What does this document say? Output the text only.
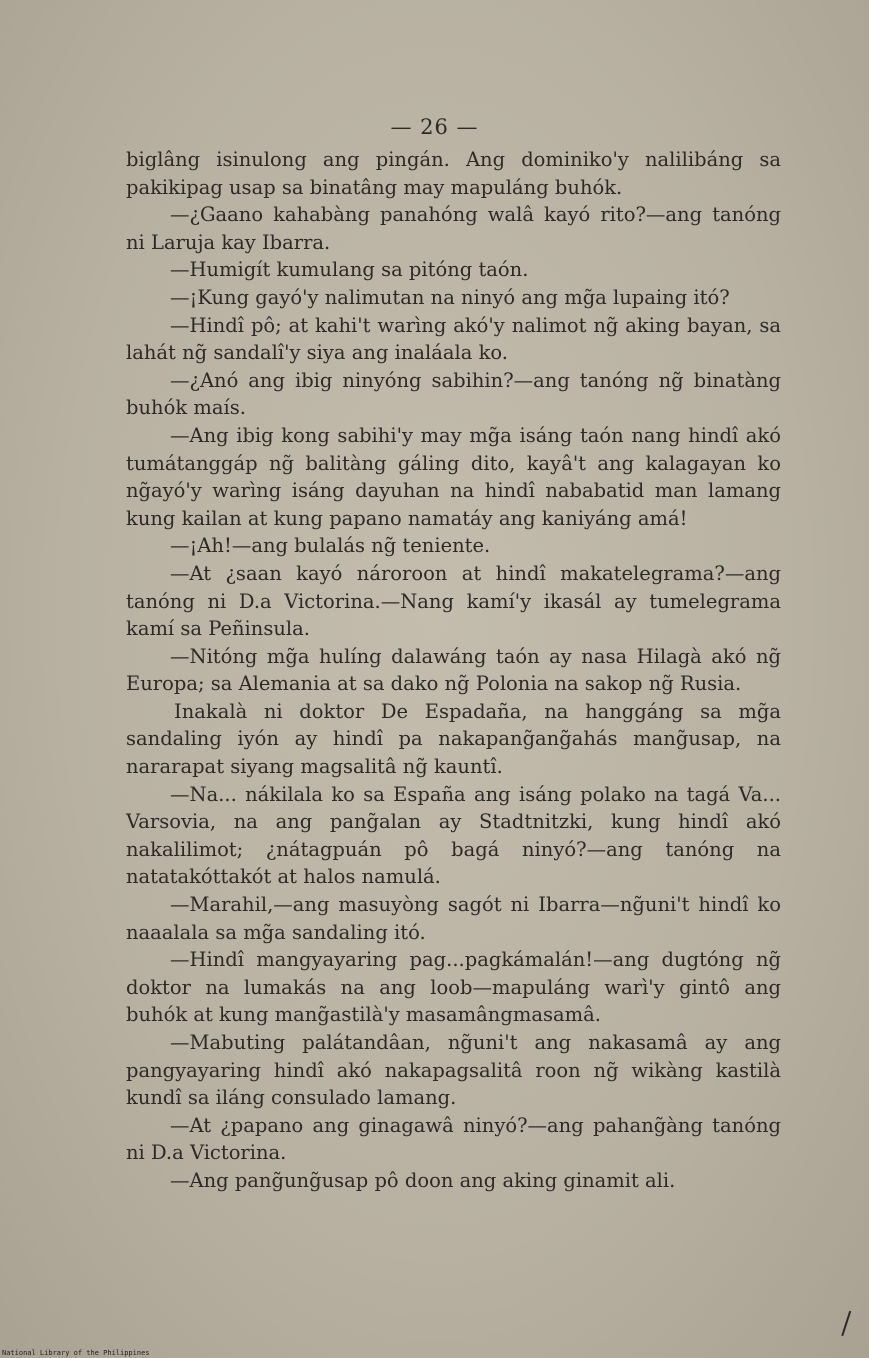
— 26 —

biglâng isinulong ang pingán. Ang dominiko'y nalilibáng sa pakikipag usap sa binatâng may mapuláng buhók.

—¿Gaano kahabàng panahóng walâ kayó rito?—ang tanóng ni Laruja kay Ibarra.

—Humigít kumulang sa pitóng taón.

—¡Kung gayó'y nalimutan na ninyó ang mg̃a lupaing itó?

—Hindî pô; at kahi't warìng akó'y nalimot ng̃ aking bayan, sa lahát ng̃ sandalî'y siya ang inaláala ko.

—¿Anó ang ibig ninyóng sabihin?—ang tanóng ng̃ binatàng buhók maís.

—Ang ibig kong sabihi'y may mg̃a isáng taón nang hindî akó tumátanggáp ng̃ balitàng gáling dito, kayâ't ang kalagayan ko ng̃ayó'y warìng isáng dayuhan na hindî nababatid man lamang kung kailan at kung papano namatáy ang kaniyáng amá!

—¡Ah!—ang bulalás ng̃ teniente.

—At ¿saan kayó nároroon at hindî makatelegrama?—ang tanóng ni D.a Victorina.—Nang kamí'y ikasál ay tumelegrama kamí sa Peñinsula.

—Nitóng mg̃a hulíng dalawáng taón ay nasa Hilagà akó ng̃ Europa; sa Alemania at sa dako ng̃ Polonia na sakop ng̃ Rusia.

Inakalà ni doktor De Espadaña, na hanggáng sa mg̃a sandaling iyón ay hindî pa nakapang̃ang̃ahás mang̃usap, na nararapat siyang magsalitâ ng̃ kauntî.

—Na... nákilala ko sa España ang isáng polako na tagá Va... Varsovia, na ang pang̃alan ay Stadtnitzki, kung hindî akó nakalilimot; ¿nátagpuán pô bagá ninyó?—ang tanóng na natatakóttakót at halos namulá.

—Marahil,—ang masuyòng sagót ni Ibarra—ng̃uni't hindî ko naaalala sa mg̃a sandaling itó.

—Hindî mangyayaring pag...pagkámalán!—ang dugtóng ng̃ doktor na lumakás na ang loob—mapuláng warì'y gintô ang buhók at kung mang̃astilà'y masamângmasamâ.

—Mabuting palátandâan, ng̃uni't ang nakasamâ ay ang pangyayaring hindî akó nakapagsalitâ roon ng̃ wikàng kastilà kundî sa iláng consulado lamang.

—At ¿papano ang ginagawâ ninyó?—ang pahang̃àng tanóng ni D.a Victorina.

—Ang pang̃ung̃usap pô doon ang aking ginamit ali.

National Library of the Philippines
